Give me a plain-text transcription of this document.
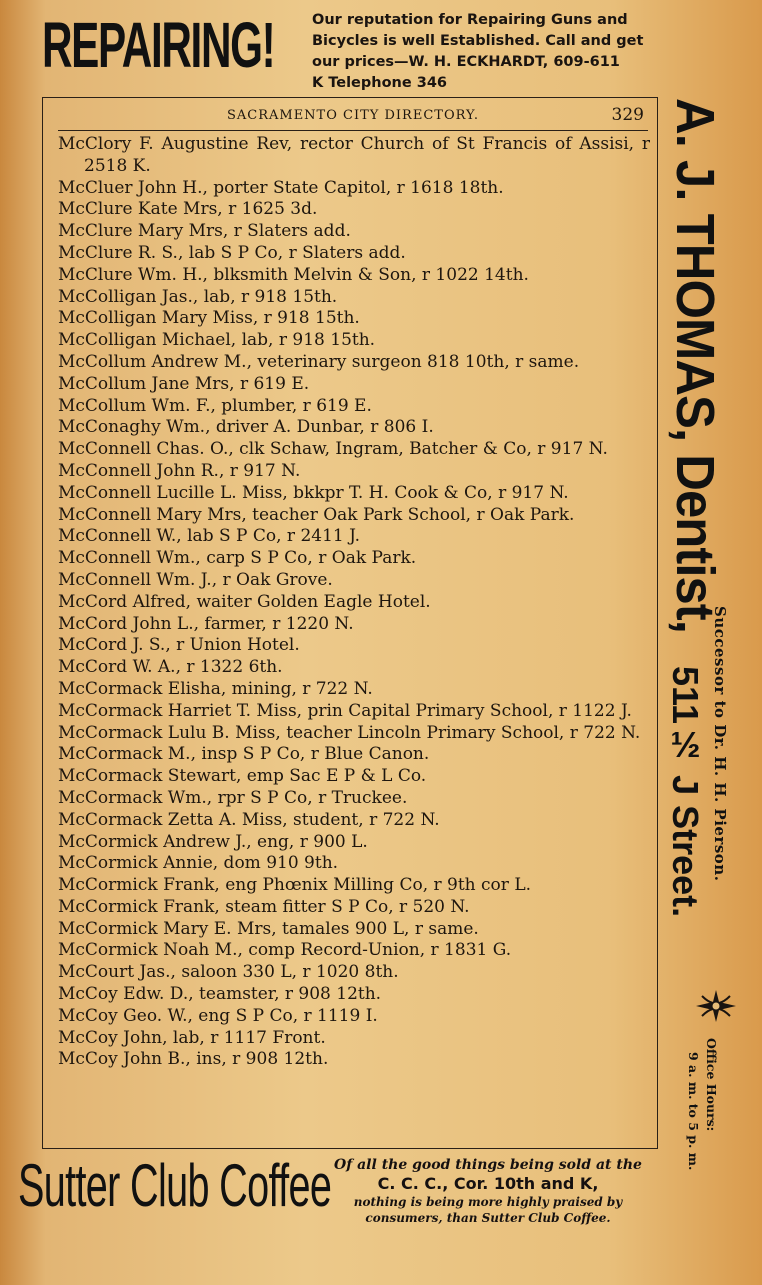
REPAIRING!	Our reputation for Repairing Guns and
Bicycles is well Established. Call and get
our prices—W. H. ECKHARDT, 609-611
K Telephone 346
SACRAMENTO CITY DIRECTORY.	329
McClory F. Augustine Rev, rector Church of St Francis of Assisi, r 2518 K.
McCluer John H., porter State Capitol, r 1618 18th.
McClure Kate Mrs, r 1625 3d.
McClure Mary Mrs, r Slaters add.
McClure R. S., lab S P Co, r Slaters add.
McClure Wm. H., blksmith Melvin & Son, r 1022 14th.
McColligan Jas., lab, r 918 15th.
McColligan Mary Miss, r 918 15th.
McColligan Michael, lab, r 918 15th.
McCollum Andrew M., veterinary surgeon 818 10th, r same.
McCollum Jane Mrs, r 619 E.
McCollum Wm. F., plumber, r 619 E.
McConaghy Wm., driver A. Dunbar, r 806 I.
McConnell Chas. O., clk Schaw, Ingram, Batcher & Co, r 917 N.
McConnell John R., r 917 N.
McConnell Lucille L. Miss, bkkpr T. H. Cook & Co, r 917 N.
McConnell Mary Mrs, teacher Oak Park School, r Oak Park.
McConnell W., lab S P Co, r 2411 J.
McConnell Wm., carp S P Co, r Oak Park.
McConnell Wm. J., r Oak Grove.
McCord Alfred, waiter Golden Eagle Hotel.
McCord John L., farmer, r 1220 N.
McCord J. S., r Union Hotel.
McCord W. A., r 1322 6th.
McCormack Elisha, mining, r 722 N.
McCormack Harriet T. Miss, prin Capital Primary School, r 1122 J.
McCormack Lulu B. Miss, teacher Lincoln Primary School, r 722 N.
McCormack M., insp S P Co, r Blue Canon.
McCormack Stewart, emp Sac E P & L Co.
McCormack Wm., rpr S P Co, r Truckee.
McCormack Zetta A. Miss, student, r 722 N.
McCormick Andrew J., eng, r 900 L.
McCormick Annie, dom 910 9th.
McCormick Frank, eng Phœnix Milling Co, r 9th cor L.
McCormick Frank, steam fitter S P Co, r 520 N.
McCormick Mary E. Mrs, tamales 900 L, r same.
McCormick Noah M., comp Record-Union, r 1831 G.
McCourt Jas., saloon 330 L, r 1020 8th.
McCoy Edw. D., teamster, r 908 12th.
McCoy Geo. W., eng S P Co, r 1119 I.
McCoy John, lab, r 1117 Front.
McCoy John B., ins, r 908 12th.
A. J. THOMAS, Dentist,
Successor to Dr. H. H. Pierson.
511½ J Street.
Office Hours:
9 a. m. to 5 p. m.
Sutter Club Coffee Of all the good things being sold at the
C. C. C., Cor. 10th and K,
nothing is being more highly praised by
consumers, than Sutter Club Coffee.
